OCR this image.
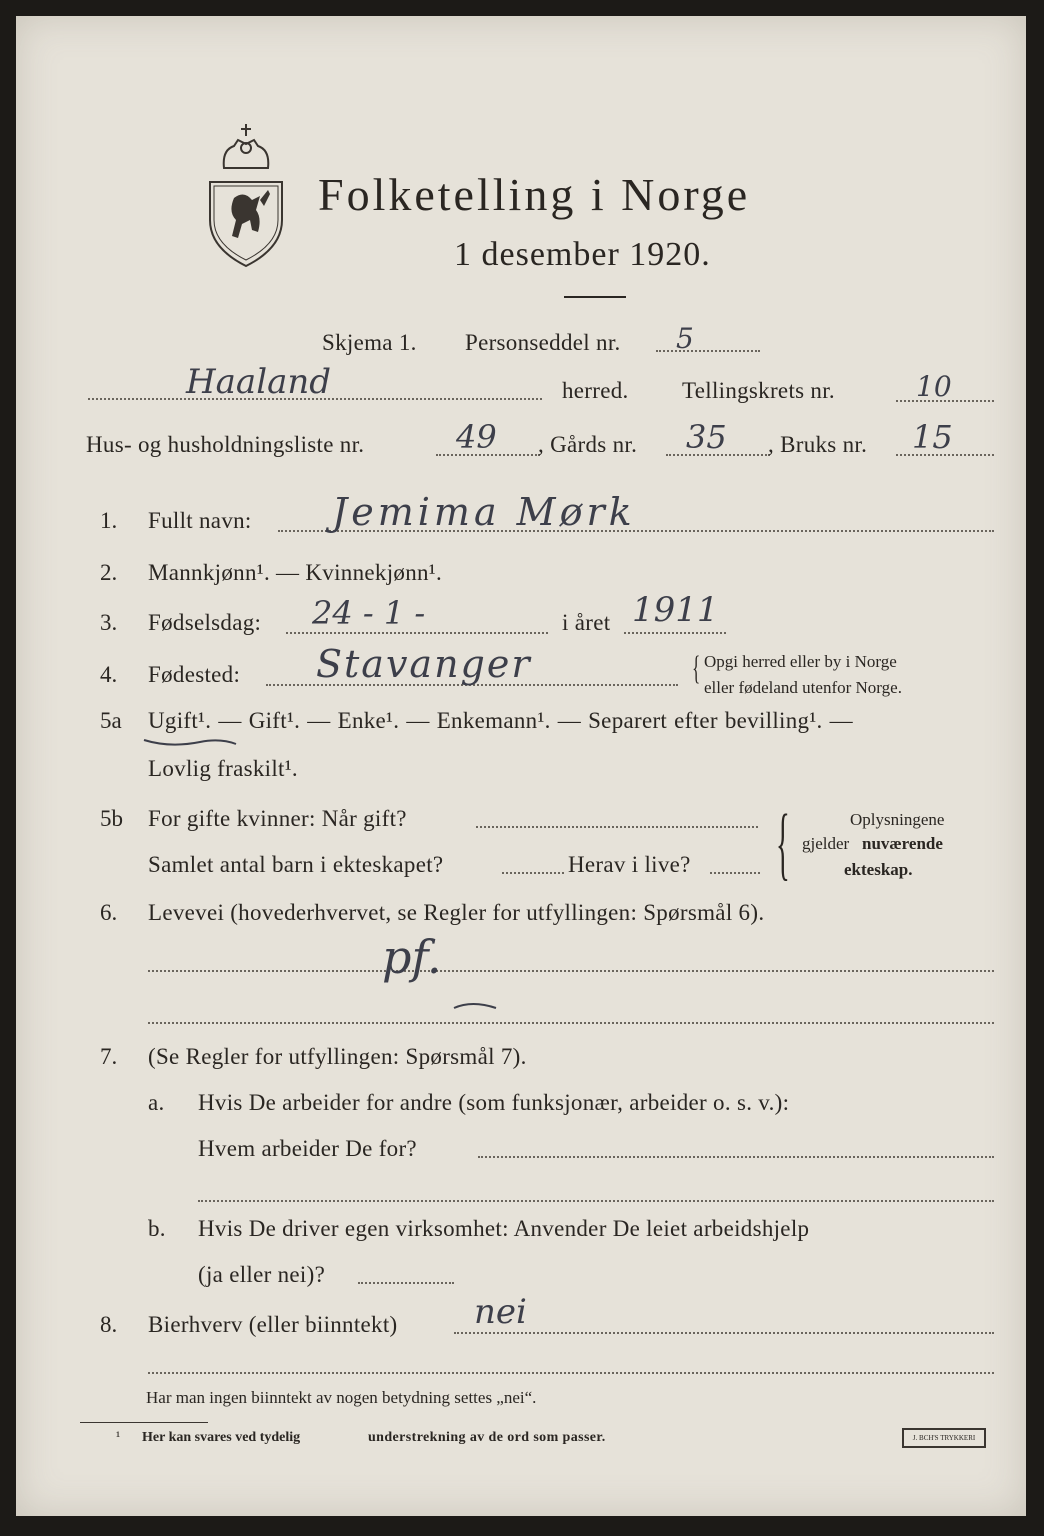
Folketelling i Norge
1 desember 1920.
Skjema 1. Personseddel nr. 5
Haaland	herred. Tellingskrets nr.	10
Hus- og husholdningsliste nr.	49 , Gårds nr. 35 , Bruks nr. 15
1. Fullt navn: Jemima Mørk
2. Mannkjønn¹. — Kvinnekjønn¹.
3. Fødselsdag: 24 - 1 -	i året 1911
4. Fødested: Stavanger	{ Opgi herred eller by i Norge
eller fødeland utenfor Norge.
5a Ugift¹. — Gift¹. — Enke¹. — Enkemann¹. — Separert efter bevilling¹. —
Lovlig fraskilt¹.
5b For gifte kvinner: Når gift?
Samlet antal barn i ekteskapet?	Herav i live? {	Oplysningene
gjelder nuværende
ekteskap.
6. Levevei (hovederhvervet, se Regler for utfyllingen: Spørsmål 6).
pf.
7. (Se Regler for utfyllingen: Spørsmål 7).
a. Hvis De arbeider for andre (som funksjonær, arbeider o. s. v.):
Hvem arbeider De for?
b. Hvis De driver egen virksomhet: Anvender De leiet arbeidshjelp
(ja eller nei)?
8. Bierhverv (eller biinntekt) nei
Har man ingen biinntekt av nogen betydning settes „nei“.
¹ Her kan svares ved tydelig	understrekning av de ord som passer.	J. BCH'S TRYKKERI
